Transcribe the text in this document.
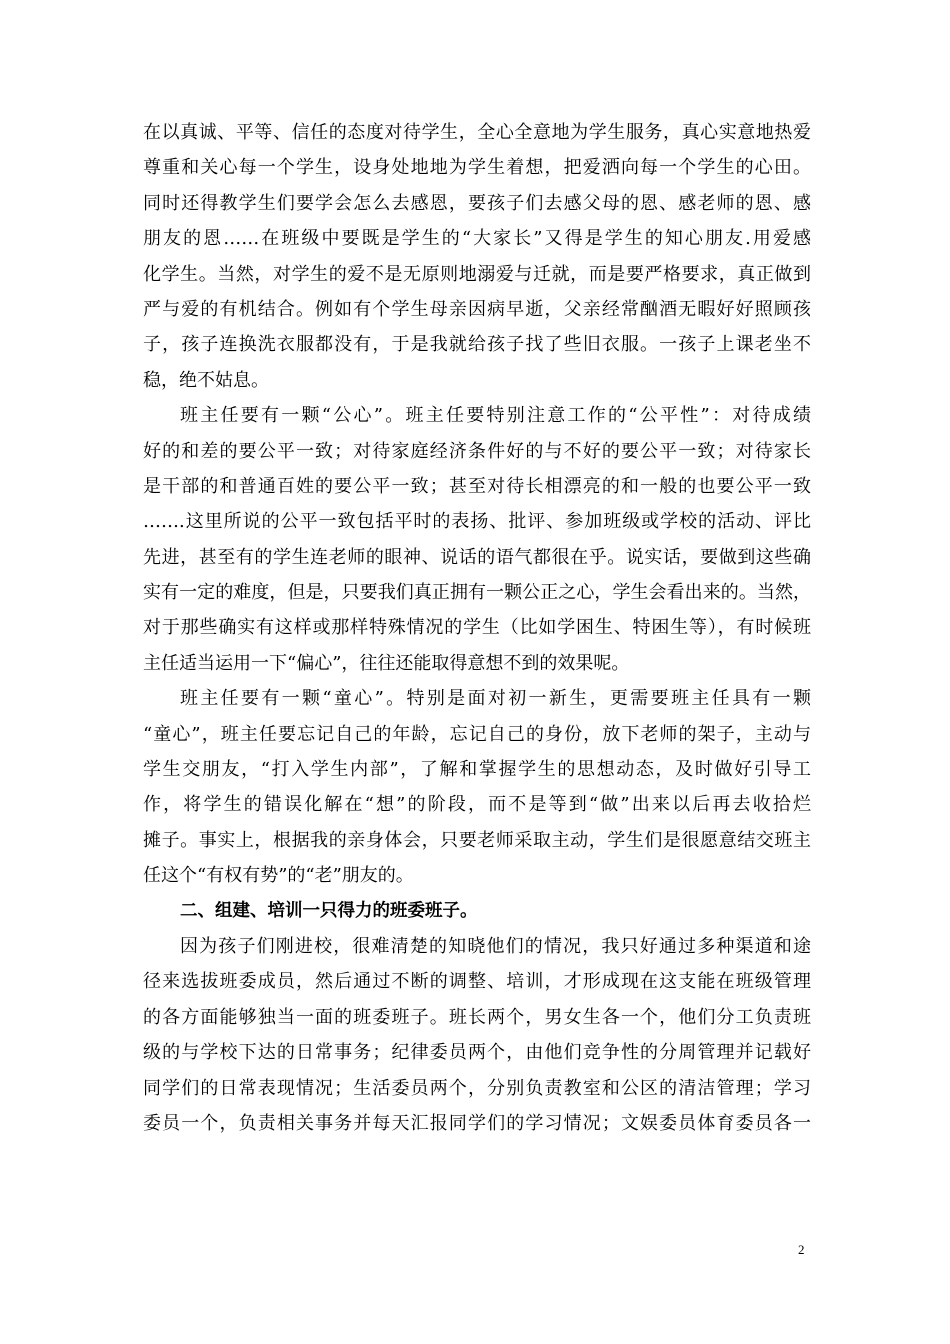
在以真诚、平等、信任的态度对待学生，全心全意地为学生服务，真心实意地热爱
尊重和关心每一个学生，设身处地地为学生着想，把爱洒向每一个学生的心田。
同时还得教学生们要学会怎么去感恩，要孩子们去感父母的恩、感老师的恩、感
朋友的恩……在班级中要既是学生的“大家长”又得是学生的知心朋友.用爱感
化学生。当然，对学生的爱不是无原则地溺爱与迁就，而是要严格要求，真正做到
严与爱的有机结合。例如有个学生母亲因病早逝，父亲经常酗酒无暇好好照顾孩
子，孩子连换洗衣服都没有，于是我就给孩子找了些旧衣服。一孩子上课老坐不
稳，绝不姑息。
班主任要有一颗“公心”。班主任要特别注意工作的“公平性”：对待成绩
好的和差的要公平一致；对待家庭经济条件好的与不好的要公平一致；对待家长
是干部的和普通百姓的要公平一致；甚至对待长相漂亮的和一般的也要公平一致
…….这里所说的公平一致包括平时的表扬、批评、参加班级或学校的活动、评比
先进，甚至有的学生连老师的眼神、说话的语气都很在乎。说实话，要做到这些确
实有一定的难度，但是，只要我们真正拥有一颗公正之心，学生会看出来的。当然，
对于那些确实有这样或那样特殊情况的学生（比如学困生、特困生等），有时候班
主任适当运用一下“偏心”，往往还能取得意想不到的效果呢。
班主任要有一颗“童心”。特别是面对初一新生，更需要班主任具有一颗
“童心”，班主任要忘记自己的年龄，忘记自己的身份，放下老师的架子，主动与
学生交朋友，“打入学生内部”，了解和掌握学生的思想动态，及时做好引导工
作，将学生的错误化解在“想”的阶段，而不是等到“做”出来以后再去收拾烂
摊子。事实上，根据我的亲身体会，只要老师采取主动，学生们是很愿意结交班主
任这个“有权有势”的“老”朋友的。
二、组建、培训一只得力的班委班子。
因为孩子们刚进校，很难清楚的知晓他们的情况，我只好通过多种渠道和途
径来选拔班委成员，然后通过不断的调整、培训，才形成现在这支能在班级管理
的各方面能够独当一面的班委班子。班长两个，男女生各一个，他们分工负责班
级的与学校下达的日常事务；纪律委员两个，由他们竞争性的分周管理并记载好
同学们的日常表现情况；生活委员两个，分别负责教室和公区的清洁管理；学习
委员一个，负责相关事务并每天汇报同学们的学习情况；文娱委员体育委员各一
2
